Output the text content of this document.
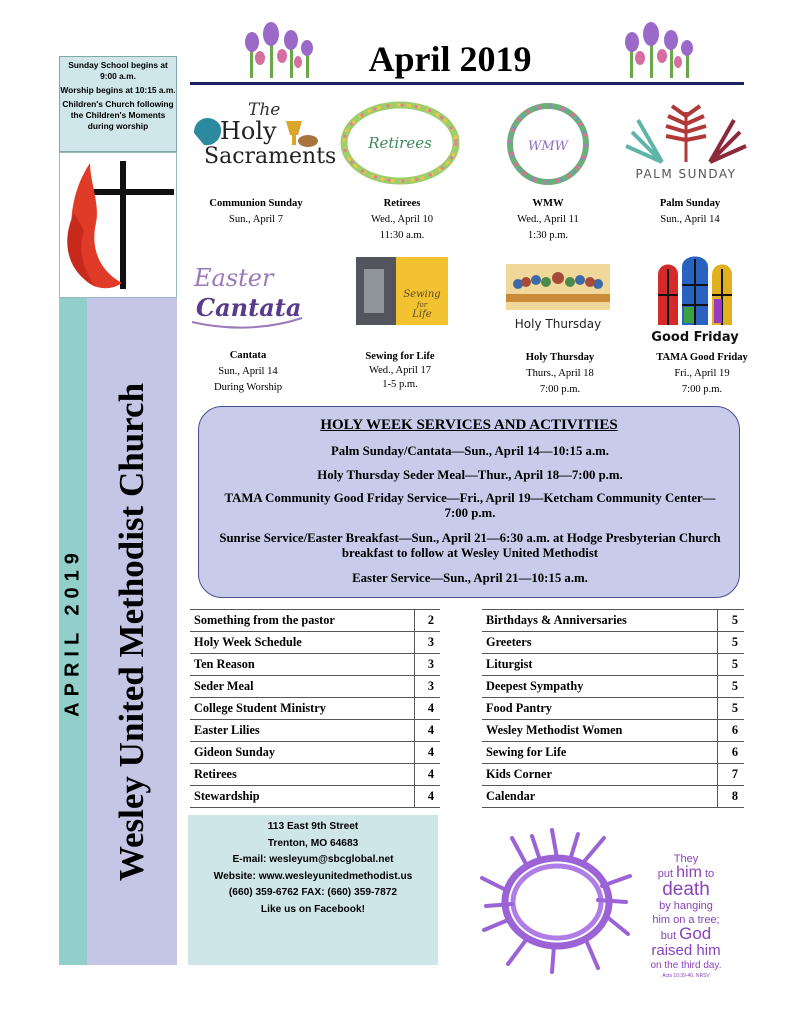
Sunday School begins at 9:00 a.m.

Worship begins at 10:15 a.m.

Children's Church following the Children's Moments during worship

APRIL 2019 Wesley United Methodist Church
April 2019
The
Holy
Sacraments
Retirees	WMW
PALM SUNDAY
Communion Sunday
Sun., April 7
Retirees
Wed., April 10
11:30 a.m.
WMW
Wed., April 11
1:30 p.m.
Palm Sunday
Sun., April 14
Easter
Cantata	Sewing
for
Life
Holy Thursday
Good Friday
Cantata
Sun., April 14
During Worship
Sewing for Life
Wed., April 17
1-5 p.m.
Holy Thursday
Thurs., April 18
7:00 p.m.
TAMA Good Friday
Fri., April 19
7:00 p.m.
HOLY WEEK SERVICES AND ACTIVITIES
Palm Sunday/Cantata—Sun., April 14—10:15 a.m.
Holy Thursday Seder Meal—Thur., April 18—7:00 p.m.
TAMA Community Good Friday Service—Fri., April 19—Ketcham Community Center—7:00 p.m.
Sunrise Service/Easter Breakfast—Sun., April 21—6:30 a.m. at Hodge Presbyterian Church breakfast to follow at Wesley United Methodist
Easter Service—Sun., April 21—10:15 a.m.
Something from the pastor	2
Holy Week Schedule	3
Ten Reason	3
Seder Meal	3
College Student Ministry	4
Easter Lilies	4
Gideon Sunday	4
Retirees	4
Stewardship	4
Birthdays & Anniversaries	5
Greeters	5
Liturgist	5
Deepest Sympathy	5
Food Pantry	5
Wesley Methodist Women	6
Sewing for Life	6
Kids Corner	7
Calendar	8
113 East 9th Street
Trenton, MO 64683
E-mail: wesleyum@sbcglobal.net
Website: www.wesleyunitedmethodist.us
(660) 359-6762 FAX: (660) 359-7872
Like us on Facebook!
They
put him to
death
by hanging
him on a tree;
but God
raised him
on the third day.
Acts 10:39-40, NRSV
